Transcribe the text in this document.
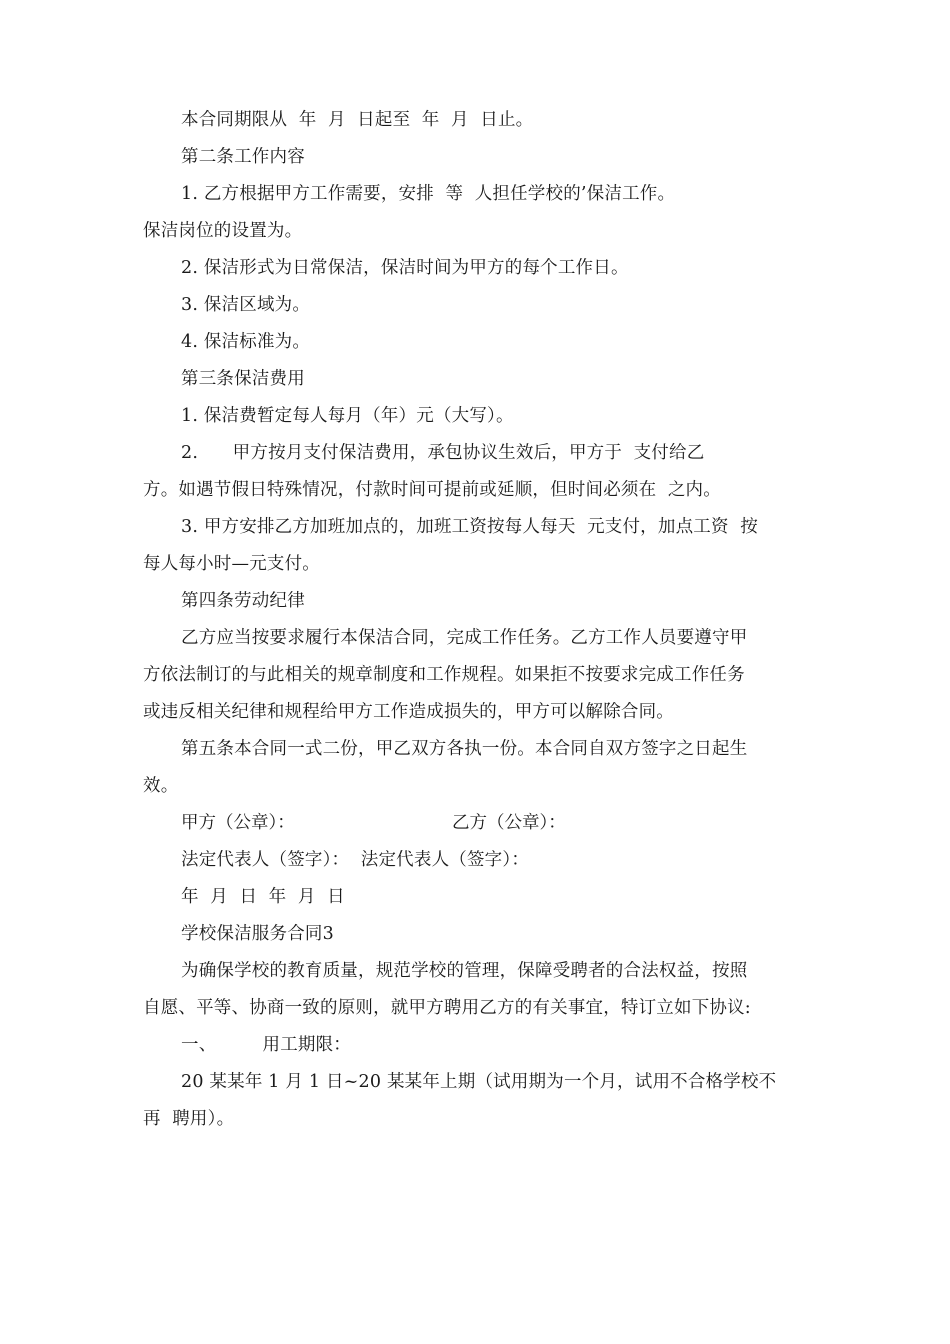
本合同期限从  年  月  日起至  年  月  日止。
第二条工作内容
1. 乙方根据甲方工作需要，安排  等  人担任学校的’保洁工作。
保洁岗位的设置为。
2. 保洁形式为日常保洁，保洁时间为甲方的每个工作日。
3. 保洁区域为。
4. 保洁标准为。
第三条保洁费用
1. 保洁费暂定每人每月（年）元（大写）。
2.      甲方按月支付保洁费用，承包协议生效后，甲方于  支付给乙
方。如遇节假日特殊情况，付款时间可提前或延顺，但时间必须在  之内。
3. 甲方安排乙方加班加点的，加班工资按每人每天  元支付，加点工资  按
每人每小时—元支付。
第四条劳动纪律
乙方应当按要求履行本保洁合同，完成工作任务。乙方工作人员要遵守甲
方依法制订的与此相关的规章制度和工作规程。如果拒不按要求完成工作任务
或违反相关纪律和规程给甲方工作造成损失的，甲方可以解除合同。
第五条本合同一式二份，甲乙双方各执一份。本合同自双方签字之日起生
效。
甲方（公章）：	乙方（公章）：
法定代表人（签字）：  法定代表人（签字）：
年  月  日  年  月  日
学校保洁服务合同3
为确保学校的教育质量，规范学校的管理，保障受聘者的合法权益，按照
自愿、平等、协商一致的原则，就甲方聘用乙方的有关事宜，特订立如下协议:
一、        用工期限：
20 某某年 1 月 1 日~20 某某年上期（试用期为一个月，试用不合格学校不
再  聘用）。
